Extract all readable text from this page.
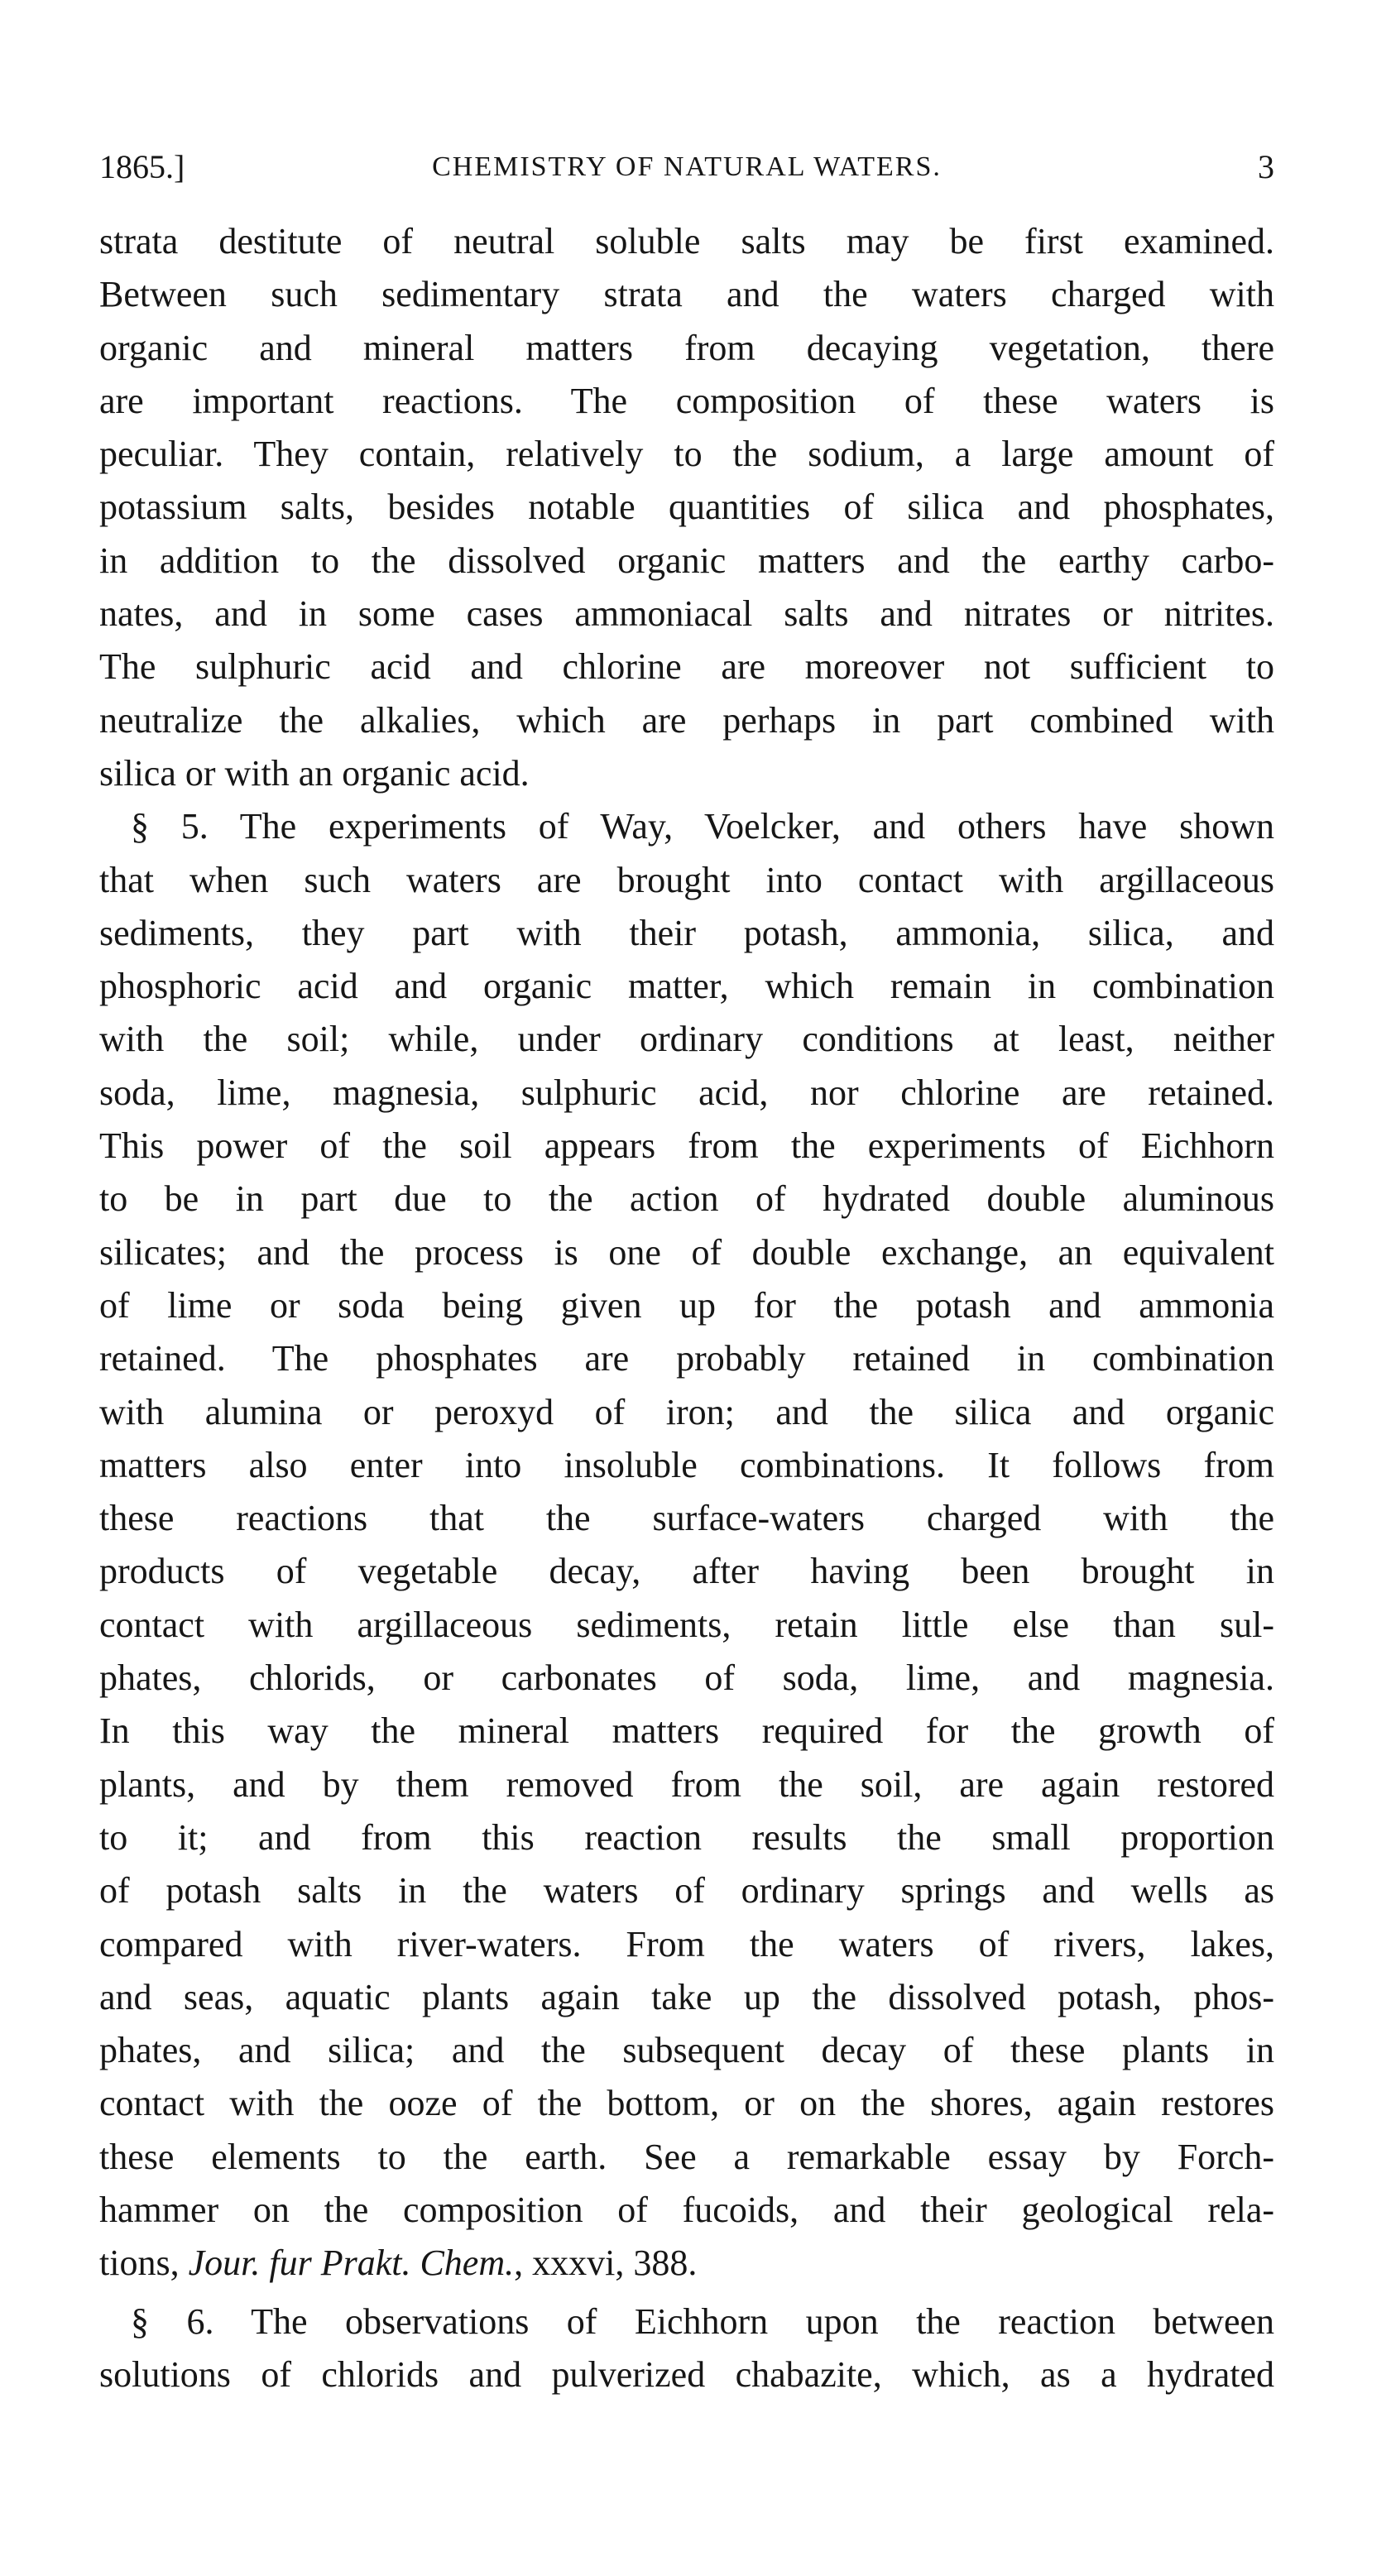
1865.]	CHEMISTRY OF NATURAL WATERS.	3
strata destitute of neutral soluble salts may be first examined.
Between such sedimentary strata and the waters charged with
organic and mineral matters from decaying vegetation, there
are important reactions. The composition of these waters is
peculiar. They contain, relatively to the sodium, a large amount of
potassium salts, besides notable quantities of silica and phosphates,
in addition to the dissolved organic matters and the earthy carbo-
nates, and in some cases ammoniacal salts and nitrates or nitrites.
The sulphuric acid and chlorine are moreover not sufficient to
neutralize the alkalies, which are perhaps in part combined with
silica or with an organic acid.
§ 5. The experiments of Way, Voelcker, and others have shown
that when such waters are brought into contact with argillaceous
sediments, they part with their potash, ammonia, silica, and
phosphoric acid and organic matter, which remain in combination
with the soil; while, under ordinary conditions at least, neither
soda, lime, magnesia, sulphuric acid, nor chlorine are retained.
This power of the soil appears from the experiments of Eichhorn
to be in part due to the action of hydrated double aluminous
silicates; and the process is one of double exchange, an equivalent
of lime or soda being given up for the potash and ammonia
retained. The phosphates are probably retained in combination
with alumina or peroxyd of iron; and the silica and organic
matters also enter into insoluble combinations. It follows from
these reactions that the surface-waters charged with the
products of vegetable decay, after having been brought in
contact with argillaceous sediments, retain little else than sul-
phates, chlorids, or carbonates of soda, lime, and magnesia.
In this way the mineral matters required for the growth of
plants, and by them removed from the soil, are again restored
to it; and from this reaction results the small proportion
of potash salts in the waters of ordinary springs and wells as
compared with river-waters. From the waters of rivers, lakes,
and seas, aquatic plants again take up the dissolved potash, phos-
phates, and silica; and the subsequent decay of these plants in
contact with the ooze of the bottom, or on the shores, again restores
these elements to the earth. See a remarkable essay by Forch-
hammer on the composition of fucoids, and their geological rela-
tions, Jour. fur Prakt. Chem., xxxvi, 388.
§ 6. The observations of Eichhorn upon the reaction between
solutions of chlorids and pulverized chabazite, which, as a hydrated
